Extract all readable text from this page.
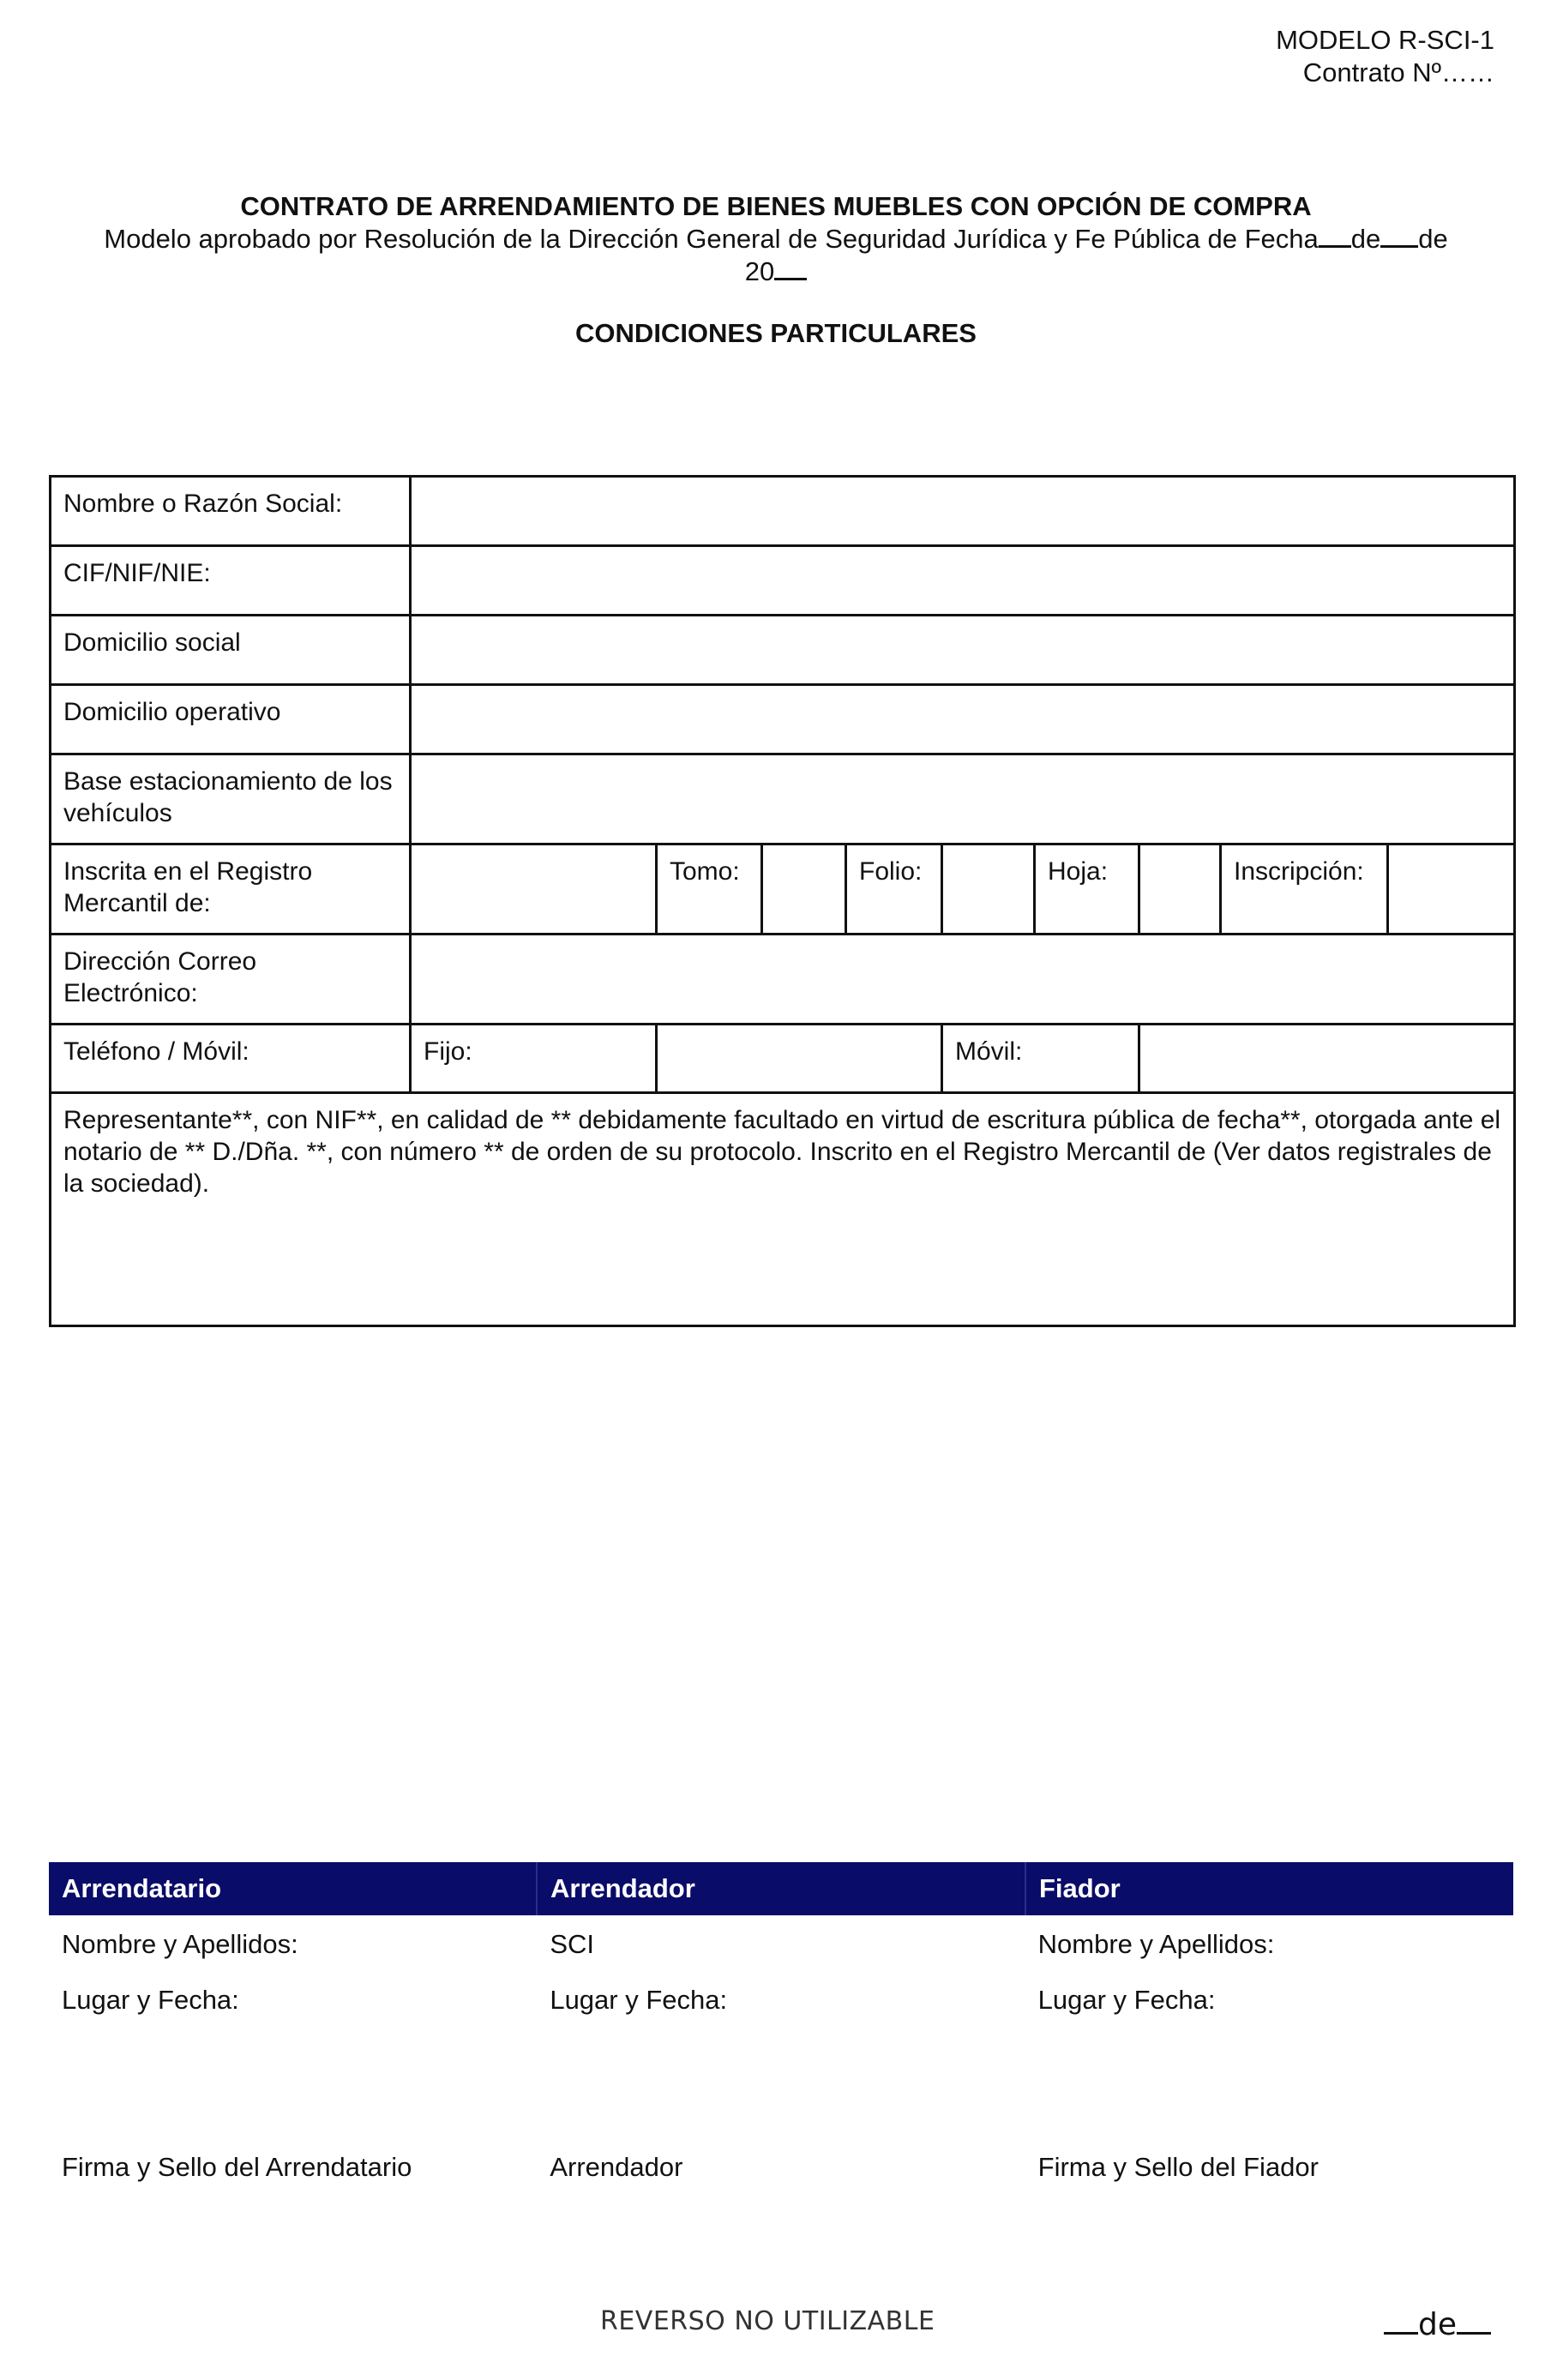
MODELO R-SCI-1
Contrato Nº……
CONTRATO DE ARRENDAMIENTO DE BIENES MUEBLES CON OPCIÓN DE COMPRA
Modelo aprobado por Resolución de la Dirección General de Seguridad Jurídica y Fe Pública de Fecha de de
20
CONDICIONES PARTICULARES
Nombre o Razón Social:									
CIF/NIF/NIE:									
Domicilio social									
Domicilio operativo									
Base estacionamiento de los vehículos									
Inscrita en el Registro Mercantil de:		Tomo:		Folio:		Hoja:		Inscripción:	
Dirección Correo Electrónico:									
Teléfono / Móvil:	Fijo:				Móvil:				
Representante**, con NIF**, en calidad de ** debidamente facultado en virtud de escritura pública de fecha**, otorgada ante el notario de ** D./Dña. **, con número ** de orden de su protocolo. Inscrito en el Registro Mercantil de (Ver datos registrales de la sociedad).									
Arrendatario	Arrendador	Fiador
Nombre y Apellidos:	SCI	Nombre y Apellidos:
Lugar y Fecha:	Lugar y Fecha:	Lugar y Fecha:
Firma y Sello del Arrendatario	Arrendador	Firma y Sello del Fiador
REVERSO NO UTILIZABLE	de
